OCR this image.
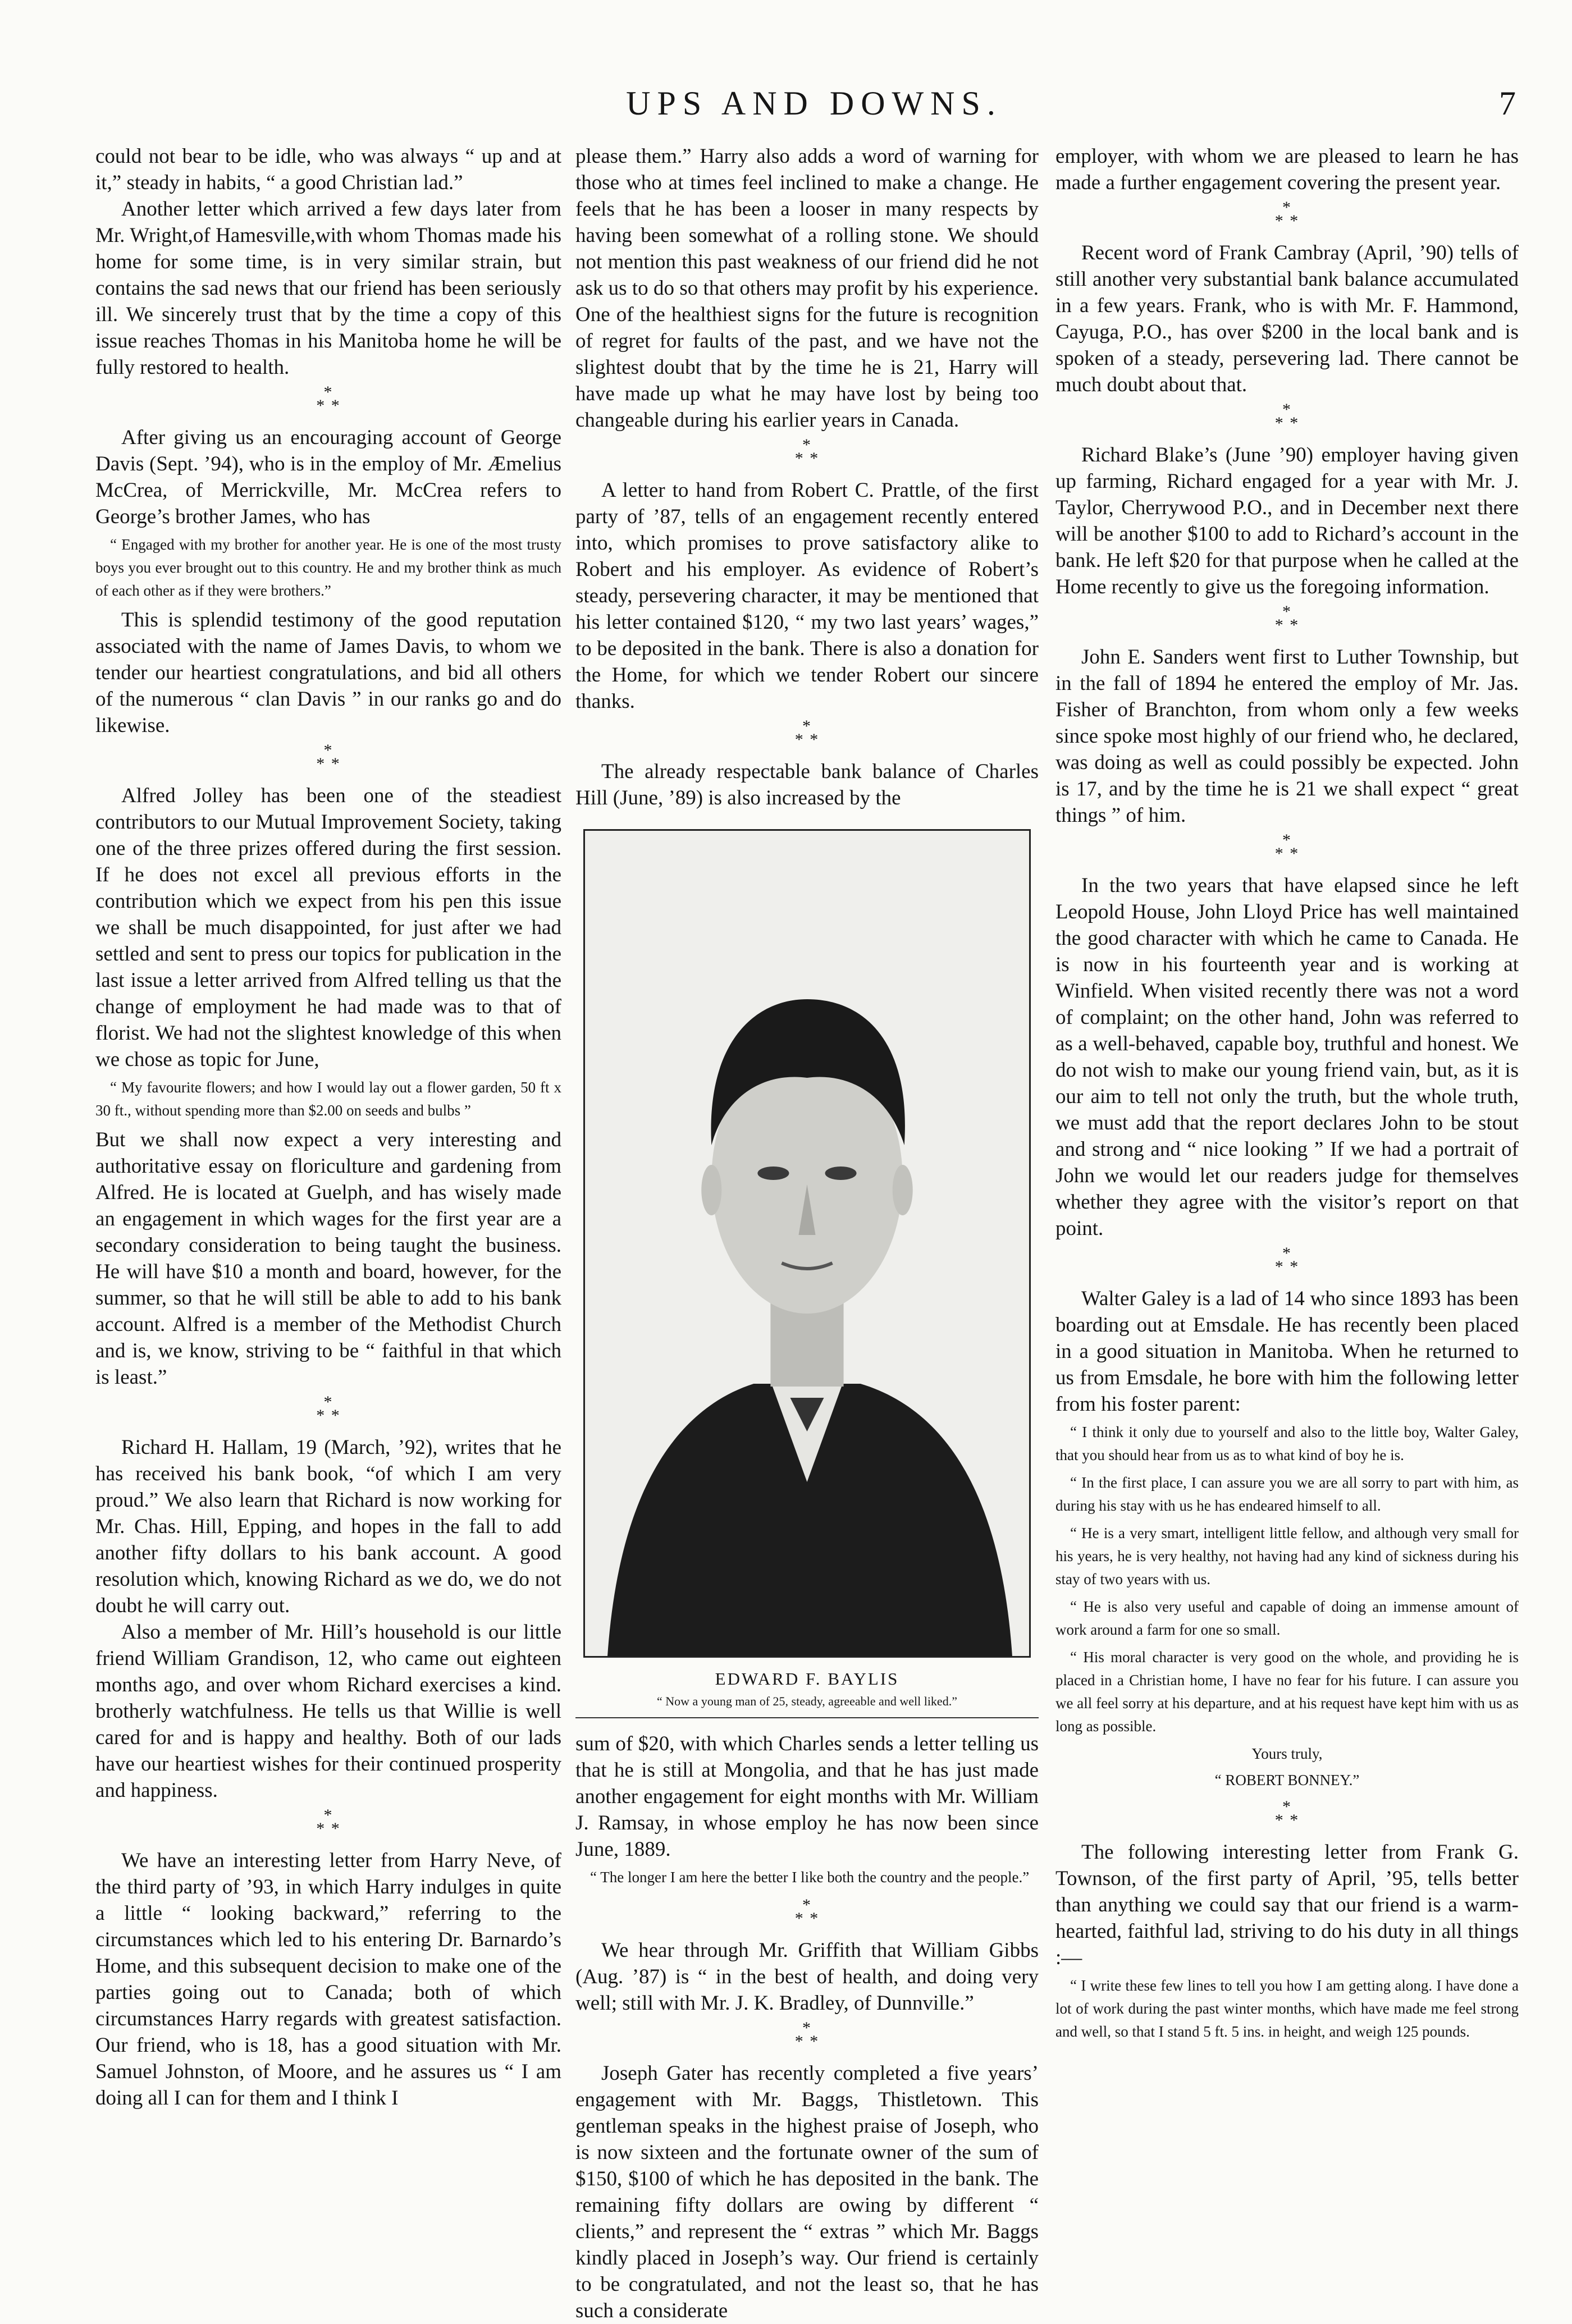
UPS AND DOWNS.	7

could not bear to be idle, who was always “ up and at it,” steady in habits, “ a good Christian lad.”

Another letter which arrived a few days later from Mr. Wright,of Hamesville,with whom Thomas made his home for some time, is in very similar strain, but contains the sad news that our friend has been seriously ill. We sincerely trust that by the time a copy of this issue reaches Thomas in his Manitoba home he will be fully restored to health.

*
* *

After giving us an encouraging account of George Davis (Sept. ’94), who is in the employ of Mr. Æmelius McCrea, of Merrickville, Mr. McCrea refers to George’s brother James, who has

“ Engaged with my brother for another year. He is one of the most trusty boys you ever brought out to this country. He and my brother think as much of each other as if they were brothers.”

This is splendid testimony of the good reputation associated with the name of James Davis, to whom we tender our heartiest congratulations, and bid all others of the numerous “ clan Davis ” in our ranks go and do likewise.

*
* *

Alfred Jolley has been one of the steadiest contributors to our Mutual Improvement Society, taking one of the three prizes offered during the first session. If he does not excel all previous efforts in the contribution which we expect from his pen this issue we shall be much disappointed, for just after we had settled and sent to press our topics for publication in the last issue a letter arrived from Alfred telling us that the change of employment he had made was to that of florist. We had not the slightest knowledge of this when we chose as topic for June,

“ My favourite flowers; and how I would lay out a flower garden, 50 ft x 30 ft., without spending more than $2.00 on seeds and bulbs ”

But we shall now expect a very interesting and authoritative essay on floriculture and gardening from Alfred. He is located at Guelph, and has wisely made an engagement in which wages for the first year are a secondary consideration to being taught the business. He will have $10 a month and board, however, for the summer, so that he will still be able to add to his bank account. Alfred is a member of the Methodist Church and is, we know, striving to be “ faithful in that which is least.”

*
* *

Richard H. Hallam, 19 (March, ’92), writes that he has received his bank book, “of which I am very proud.” We also learn that Richard is now working for Mr. Chas. Hill, Epping, and hopes in the fall to add another fifty dollars to his bank account. A good resolution which, knowing Richard as we do, we do not doubt he will carry out.

Also a member of Mr. Hill’s household is our little friend William Grandison, 12, who came out eighteen months ago, and over whom Richard exercises a kind. brotherly watchfulness. He tells us that Willie is well cared for and is happy and healthy. Both of our lads have our heartiest wishes for their continued prosperity and happiness.

*
* *

We have an interesting letter from Harry Neve, of the third party of ’93, in which Harry indulges in quite a little “ looking backward,” referring to the circumstances which led to his entering Dr. Barnardo’s Home, and this subsequent decision to make one of the parties going out to Canada; both of which circumstances Harry regards with greatest satisfaction. Our friend, who is 18, has a good situation with Mr. Samuel Johnston, of Moore, and he assures us “ I am doing all I can for them and I think I

please them.” Harry also adds a word of warning for those who at times feel inclined to make a change. He feels that he has been a looser in many respects by having been somewhat of a rolling stone. We should not mention this past weakness of our friend did he not ask us to do so that others may profit by his experience. One of the healthiest signs for the future is recognition of regret for faults of the past, and we have not the slightest doubt that by the time he is 21, Harry will have made up what he may have lost by being too changeable during his earlier years in Canada.

*
* *

A letter to hand from Robert C. Prattle, of the first party of ’87, tells of an engagement recently entered into, which promises to prove satisfactory alike to Robert and his employer. As evidence of Robert’s steady, persevering character, it may be mentioned that his letter contained $120, “ my two last years’ wages,” to be deposited in the bank. There is also a donation for the Home, for which we tender Robert our sincere thanks.

*
* *

The already respectable bank balance of Charles Hill (June, ’89) is also increased by the

EDWARD F. BAYLIS
“ Now a young man of 25, steady, agreeable and well liked.”

sum of $20, with which Charles sends a letter telling us that he is still at Mongolia, and that he has just made another engagement for eight months with Mr. William J. Ramsay, in whose employ he has now been since June, 1889.

“ The longer I am here the better I like both the country and the people.”
*
* *

We hear through Mr. Griffith that William Gibbs (Aug. ’87) is “ in the best of health, and doing very well; still with Mr. J. K. Bradley, of Dunnville.”

*
* *

Joseph Gater has recently completed a five years’ engagement with Mr. Baggs, Thistletown. This gentleman speaks in the highest praise of Joseph, who is now sixteen and the fortunate owner of the sum of $150, $100 of which he has deposited in the bank. The remaining fifty dollars are owing by different “ clients,” and represent the “ extras ” which Mr. Baggs kindly placed in Joseph’s way. Our friend is certainly to be congratulated, and not the least so, that he has such a considerate

employer, with whom we are pleased to learn he has made a further engagement covering the present year.

*
* *

Recent word of Frank Cambray (April, ’90) tells of still another very substantial bank balance accumulated in a few years. Frank, who is with Mr. F. Hammond, Cayuga, P.O., has over $200 in the local bank and is spoken of a steady, persevering lad. There cannot be much doubt about that.

*
* *

Richard Blake’s (June ’90) employer having given up farming, Richard engaged for a year with Mr. J. Taylor, Cherrywood P.O., and in December next there will be another $100 to add to Richard’s account in the bank. He left $20 for that purpose when he called at the Home recently to give us the foregoing information.

*
* *

John E. Sanders went first to Luther Township, but in the fall of 1894 he entered the employ of Mr. Jas. Fisher of Branchton, from whom only a few weeks since spoke most highly of our friend who, he declared, was doing as well as could possibly be expected. John is 17, and by the time he is 21 we shall expect “ great things ” of him.

*
* *

In the two years that have elapsed since he left Leopold House, John Lloyd Price has well maintained the good character with which he came to Canada. He is now in his fourteenth year and is working at Winfield. When visited recently there was not a word of complaint; on the other hand, John was referred to as a well-behaved, capable boy, truthful and honest. We do not wish to make our young friend vain, but, as it is our aim to tell not only the truth, but the whole truth, we must add that the report declares John to be stout and strong and “ nice looking ” If we had a portrait of John we would let our readers judge for themselves whether they agree with the visitor’s report on that point.

*
* *

Walter Galey is a lad of 14 who since 1893 has been boarding out at Emsdale. He has recently been placed in a good situation in Manitoba. When he returned to us from Emsdale, he bore with him the following letter from his foster parent:

“ I think it only due to yourself and also to the little boy, Walter Galey, that you should hear from us as to what kind of boy he is.
“ In the first place, I can assure you we are all sorry to part with him, as during his stay with us he has endeared himself to all.
“ He is a very smart, intelligent little fellow, and although very small for his years, he is very healthy, not having had any kind of sickness during his stay of two years with us.
“ He is also very useful and capable of doing an immense amount of work around a farm for one so small.
“ His moral character is very good on the whole, and providing he is placed in a Christian home, I have no fear for his future. I can assure you we all feel sorry at his departure, and at his request have kept him with us as long as possible.
Yours truly,
“ ROBERT BONNEY.”
*
* *

The following interesting letter from Frank G. Townson, of the first party of April, ’95, tells better than anything we could say that our friend is a warm-hearted, faithful lad, striving to do his duty in all things :—

“ I write these few lines to tell you how I am getting along. I have done a lot of work during the past winter months, which have made me feel strong and well, so that I stand 5 ft. 5 ins. in height, and weigh 125 pounds.
